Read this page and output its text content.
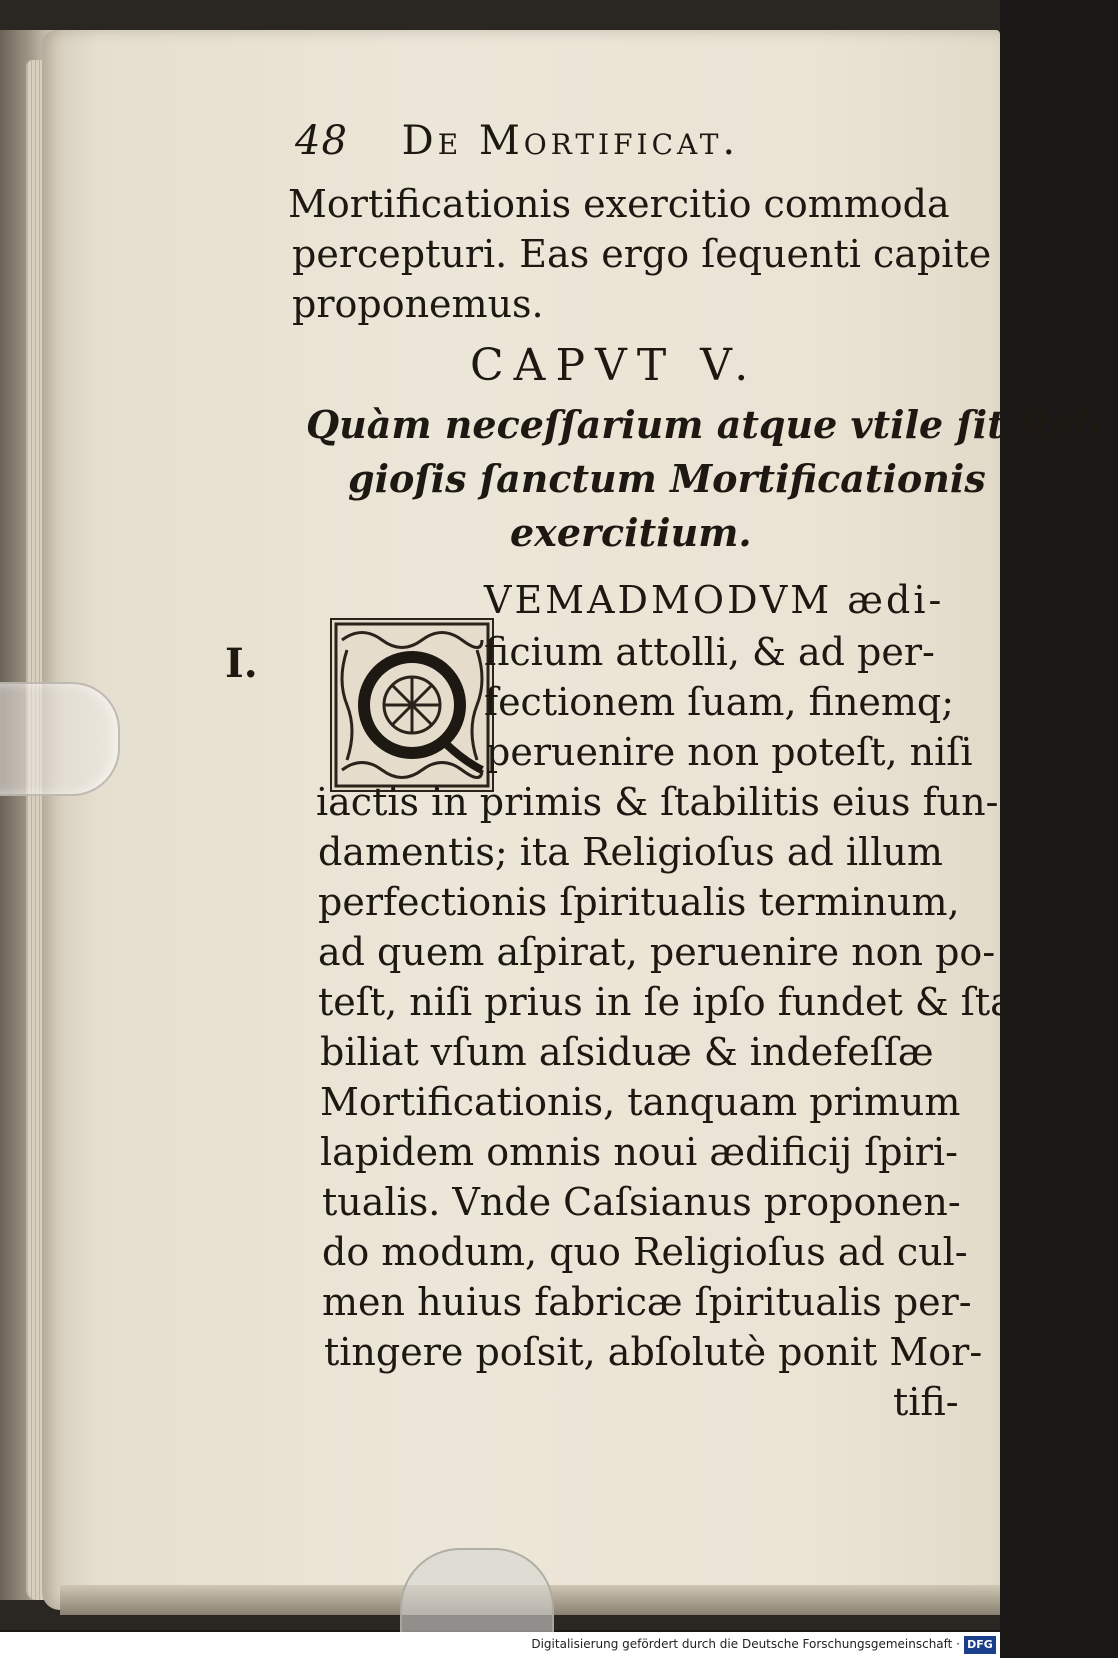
48 De Mortificat.
Mortificationis exercitio commoda
percepturi. Eas ergo ſequenti capite
proponemus.
CAPVT V.
Quàm neceſſarium atque vtile ſit Reli-
gioſis ſanctum Mortificationis
exercitium.
I.
VEMADMODVM ædi-
ficium attolli, & ad per-
fectionem ſuam, finemq;
peruenire non poteſt, niſi
iactis in primis & ſtabilitis eius fun-
damentis; ita Religioſus ad illum
perfectionis ſpiritualis terminum,
ad quem aſpirat, peruenire non po-
teſt, niſi prius in ſe ipſo fundet & ſta-
biliat vſum aſsiduæ & indefeſſæ
Mortificationis, tanquam primum
lapidem omnis noui ædificij ſpiri-
tualis. Vnde Caſsianus proponen-
do modum, quo Religioſus ad cul-
men huius fabricæ ſpiritualis per-
tingere poſsit, abſolutè ponit Mor-
tifi-
Digitalisierung gefördert durch die Deutsche Forschungsgemeinschaft · DFG
